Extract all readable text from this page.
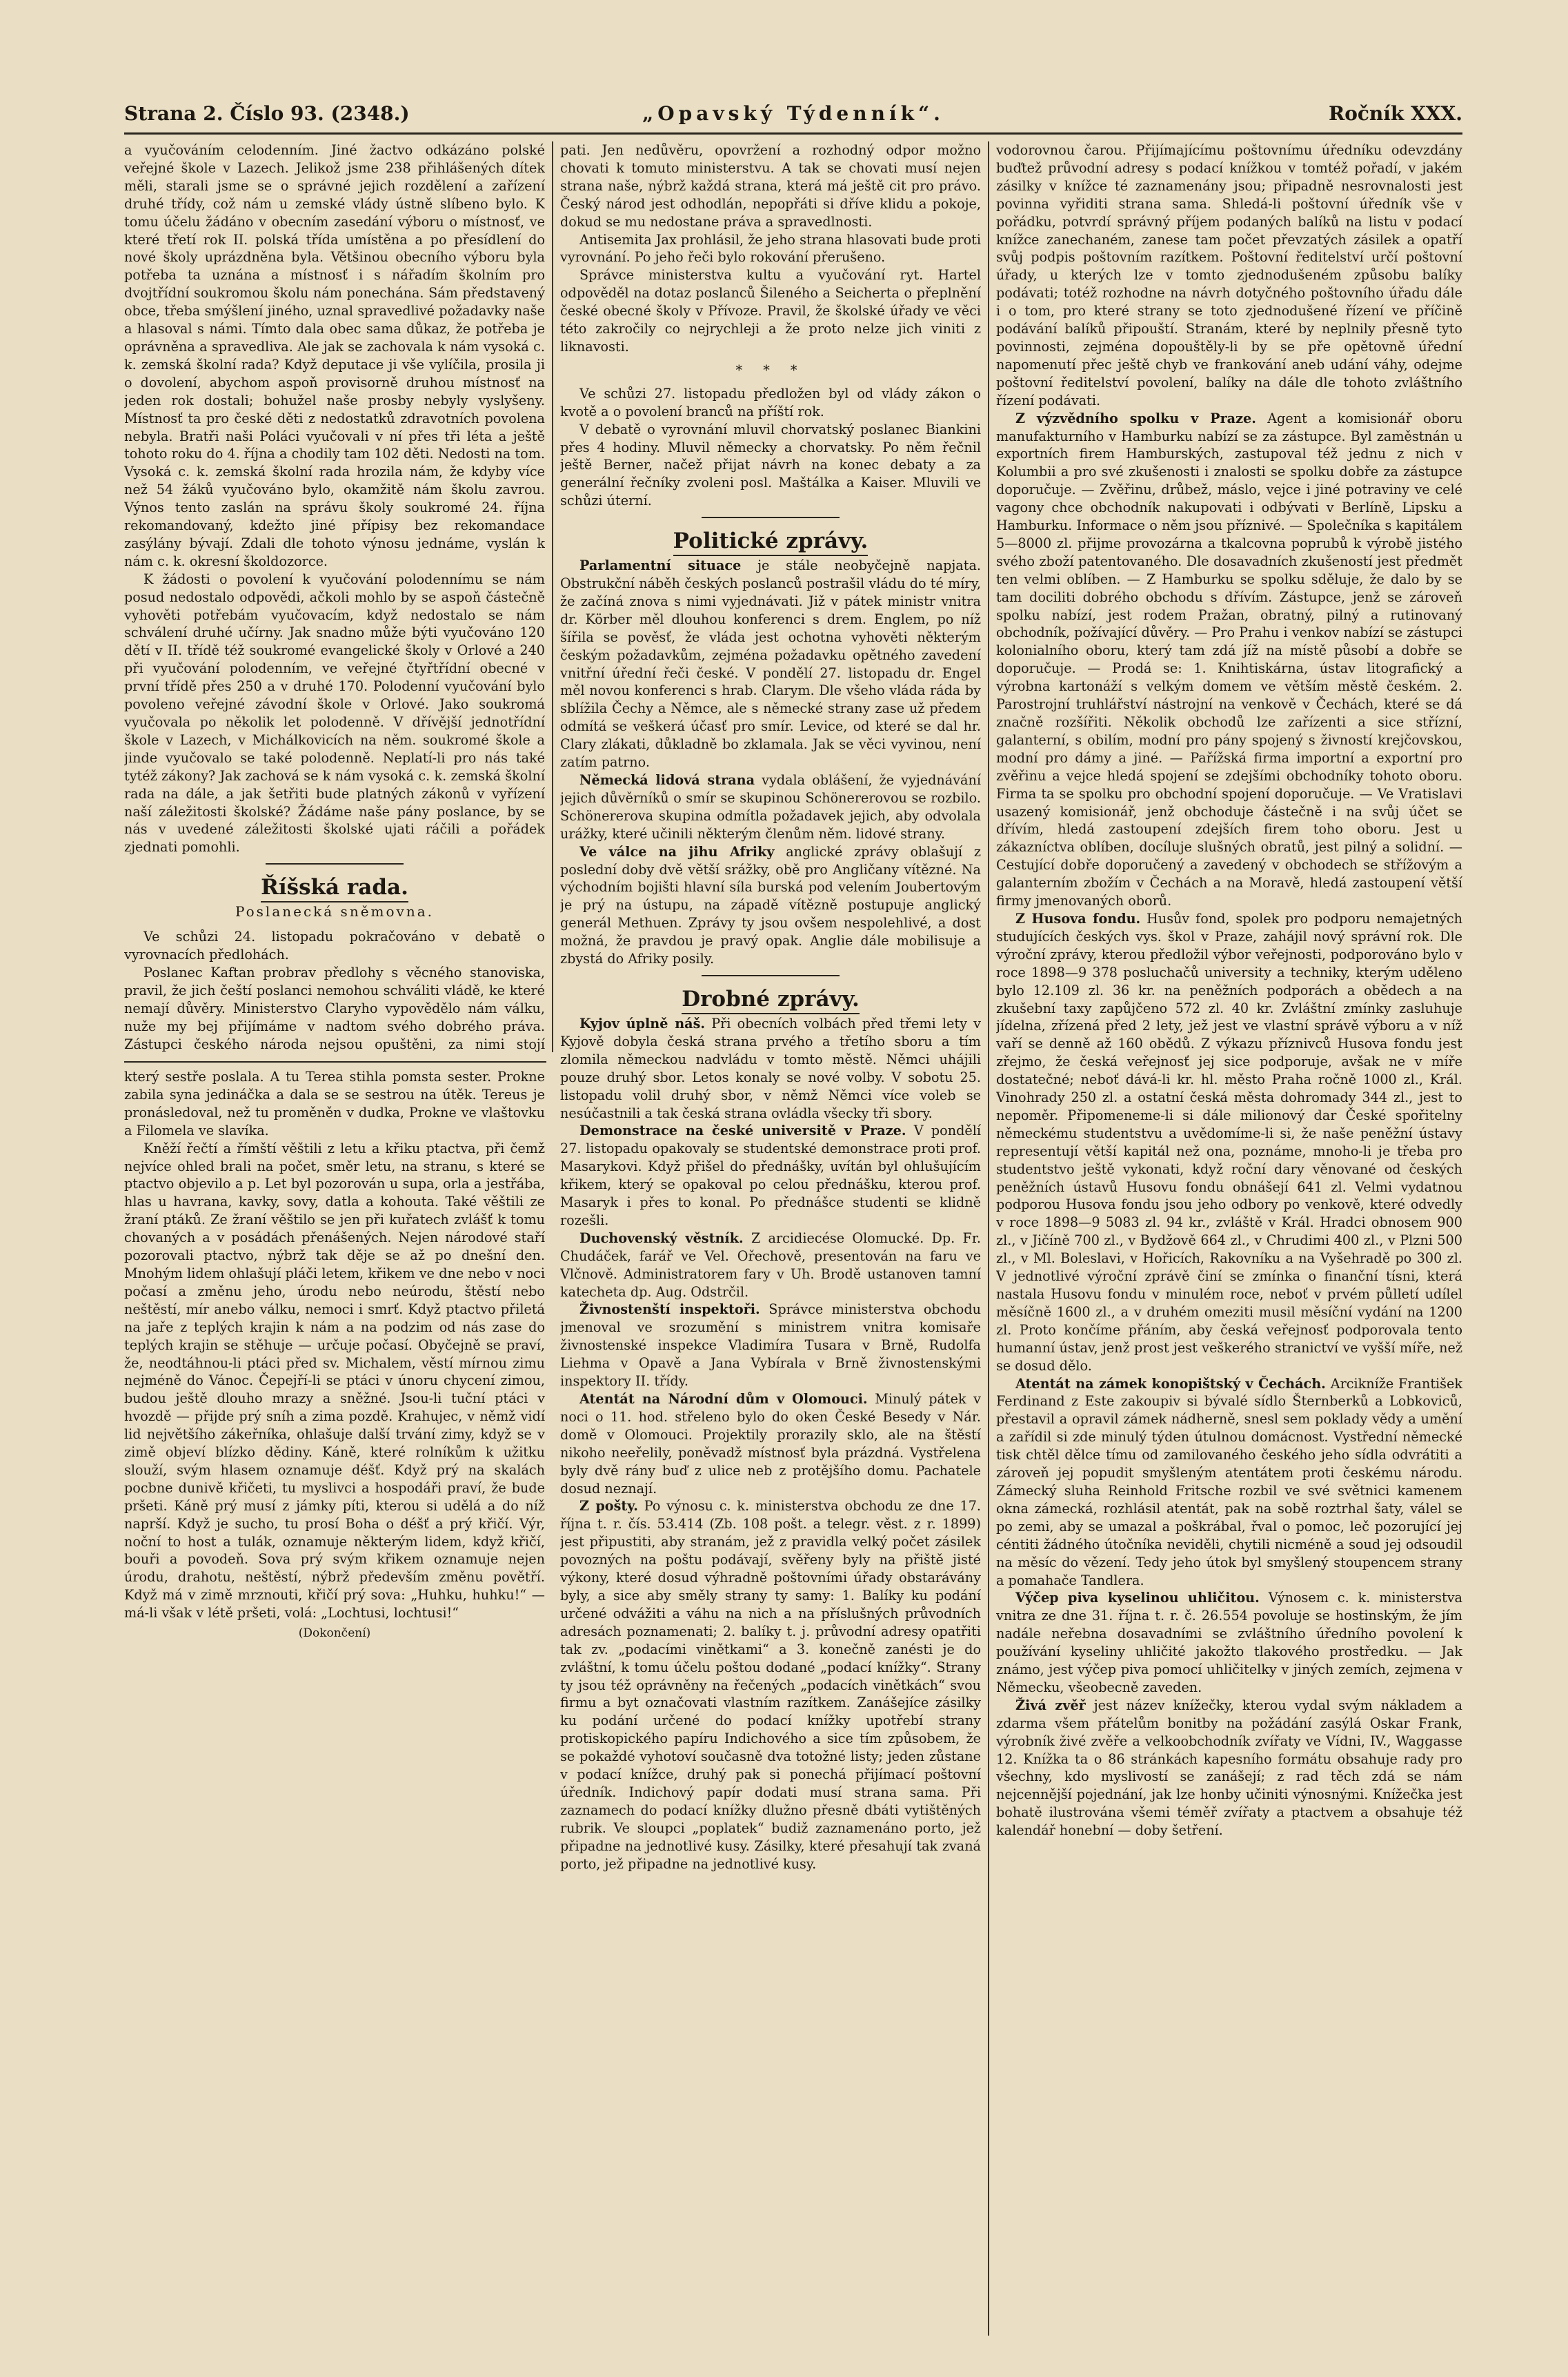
Strana 2. Číslo 93. (2348.)	„Opavský Týdenník“.	Ročník XXX.

a vyučováním celodenním. Jiné žactvo odkázáno polské veřejné škole v Lazech. Jelikož jsme 238 přihlášených dítek měli, starali jsme se o správné jejich rozdělení a zařízení druhé třídy, což nám u zemské vlády ústně slíbeno bylo. K tomu účelu žádáno v obecním zasedání výboru o místnosť, ve které třetí rok II. polská třída umístěna a po přesídlení do nové školy uprázdněna byla. Většinou obecního výboru byla potřeba ta uznána a místnosť i s nářadím školním pro dvojtřídní soukromou školu nám ponechána. Sám představený obce, třeba smýšlení jiného, uznal spravedlivé požadavky naše a hlasoval s námi. Tímto dala obec sama důkaz, že potřeba je oprávněna a spravedliva. Ale jak se zachovala k nám vysoká c. k. zemská školní rada? Když deputace ji vše vylíčila, prosila ji o dovolení, abychom aspoň provisorně druhou místnosť na jeden rok dostali; bohužel naše prosby nebyly vyslyšeny. Místnosť ta pro české děti z nedostatků zdravotních povolena nebyla. Bratři naši Poláci vyučovali v ní přes tři léta a ještě tohoto roku do 4. října a chodily tam 102 děti. Nedosti na tom. Vysoká c. k. zemská školní rada hrozila nám, že kdyby více než 54 žáků vyučováno bylo, okamžitě nám školu zavrou. Výnos tento zaslán na správu školy soukromé 24. října rekomandovaný, kdežto jiné přípisy bez rekomandace zasýlány bývají. Zdali dle tohoto výnosu jednáme, vyslán k nám c. k. okresní školdozorce.

K žádosti o povolení k vyučování polodennímu se nám posud nedostalo odpovědi, ačkoli mohlo by se aspoň částečně vyhověti potřebám vyučovacím, když nedostalo se nám schválení druhé učírny. Jak snadno může býti vyučováno 120 dětí v II. třídě též soukromé evangelické školy v Orlové a 240 při vyučování polodenním, ve veřejné čtyřtřídní obecné v první třídě přes 250 a v druhé 170. Polodenní vyučování bylo povoleno veřejné závodní škole v Orlové. Jako soukromá vyučovala po několik let polodenně. V dřívější jednotřídní škole v Lazech, v Michálkovicích na něm. soukromé škole a jinde vyučovalo se také polodenně. Neplatí-li pro nás také tytéž zákony? Jak zachová se k nám vysoká c. k. zemská školní rada na dále, a jak šetřiti bude platných zákonů v vyřízení naší záležitosti školské? Žádáme naše pány poslance, by se nás v uvedené záležitosti školské ujati ráčili a pořádek zjednati pomohli.

Říšská rada.
Poslanecká sněmovna.

Ve schůzi 24. listopadu pokračováno v debatě o vyrovnacích předlohách.

Poslanec Kaftan probrav předlohy s věcného stanoviska, pravil, že jich čeští poslanci nemohou schváliti vládě, ke které nemají důvěry. Ministerstvo Claryho vypovědělo nám válku, nuže my bej přijímáme v nadtom svého dobrého práva. Zástupci českého národa nejsou opuštěni, za nimi stojí

pati. Jen nedůvěru, opovržení a rozhodný odpor možno chovati k tomuto ministerstvu. A tak se chovati musí nejen strana naše, nýbrž každá strana, která má ještě cit pro právo. Český národ jest odhodlán, nepopřáti si dříve klidu a pokoje, dokud se mu nedostane práva a spravedlnosti.

Antisemita Jax prohlásil, že jeho strana hlasovati bude proti vyrovnání. Po jeho řeči bylo rokování přerušeno.

Správce ministerstva kultu a vyučování ryt. Hartel odpověděl na dotaz poslanců Šileného a Seicherta o přeplnění české obecné školy v Přívoze. Pravil, že školské úřady ve věci této zakročily co nejrychleji a že proto nelze jich viniti z liknavosti.

* * *

Ve schůzi 27. listopadu předložen byl od vlády zákon o kvotě a o povolení branců na příští rok.

V debatě o vyrovnání mluvil chorvatský poslanec Biankini přes 4 hodiny. Mluvil německy a chorvatsky. Po něm řečnil ještě Berner, načež přijat návrh na konec debaty a za generální řečníky zvoleni posl. Maštálka a Kaiser. Mluvili ve schůzi úterní.

Politické zprávy.

Parlamentní situace je stále neobyčejně napjata. Obstrukční náběh českých poslanců postrašil vládu do té míry, že začíná znova s nimi vyjednávati. Již v pátek ministr vnitra dr. Körber měl dlouhou konferenci s drem. Englem, po níž šířila se pověsť, že vláda jest ochotna vyhověti některým českým požadavkům, zejména požadavku opětného zavedení vnitřní úřední řeči české. V pondělí 27. listopadu dr. Engel měl novou konferenci s hrab. Clarym. Dle všeho vláda ráda by sblížila Čechy a Němce, ale s německé strany zase už předem odmítá se veškerá účasť pro smír. Levice, od které se dal hr. Clary zlákati, důkladně bo zklamala. Jak se věci vyvinou, není zatím patrno.

Německá lidová strana vydala oblášení, že vyjednávání jejich důvěrníků o smír se skupinou Schönererovou se rozbilo. Schönererova skupina odmítla požadavek jejich, aby odvolala urážky, které učinili některým členům něm. lidové strany.

Ve válce na jihu Afriky anglické zprávy oblašují z poslední doby dvě větší srážky, obě pro Angličany vítězné. Na východním bojišti hlavní síla burská pod velením Joubertovým je prý na ústupu, na západě vítězně postupuje anglický generál Methuen. Zprávy ty jsou ovšem nespolehlivé, a dost možná, že pravdou je pravý opak. Anglie dále mobilisuje a zbystá do Afriky posily.

Drobné zprávy.

Kyjov úplně náš. Při obecních volbách před třemi lety v Kyjově dobyla česká strana prvého a třetího sboru a tím zlomila německou nadvládu v tomto městě. Němci uhájili pouze druhý sbor. Letos konaly se nové volby. V sobotu 25. listopadu volil druhý sbor, v němž Němci více voleb se nesúčastnili a tak česká strana ovládla všecky tři sbory.

Demonstrace na české universitě v Praze. V pondělí 27. listopadu opakovaly se studentské demonstrace proti prof. Masarykovi. Když přišel do přednášky, uvítán byl ohlušujícím křikem, který se opakoval po celou přednášku, kterou prof. Masaryk i přes to konal. Po přednášce studenti se klidně rozešli.

Duchovenský věstník. Z arcidiecése Olomucké. Dp. Fr. Chudáček, farář ve Vel. Ořechově, presentován na faru ve Vlčnově. Administratorem fary v Uh. Brodě ustanoven tamní katecheta dp. Aug. Odstrčil.

Živnostenští inspektoři. Správce ministerstva obchodu jmenoval ve srozumění s ministrem vnitra komisaře živnostenské inspekce Vladimíra Tusara v Brně, Rudolfa Liehma v Opavě a Jana Vybírala v Brně živnostenskými inspektory II. třídy.

Atentát na Národní dům v Olomouci. Minulý pátek v noci o 11. hod. střeleno bylo do oken České Besedy v Nár. domě v Olomouci. Projektily prorazily sklo, ale na štěstí nikoho neeřelily, poněvadž místnosť byla prázdná. Vystřelena byly dvě rány buď z ulice neb z protějšího domu. Pachatele dosud neznají.

Z pošty. Po výnosu c. k. ministerstva obchodu ze dne 17. října t. r. čís. 53.414 (Zb. 108 pošt. a telegr. věst. z r. 1899) jest připustiti, aby stranám, jež z pravidla velký počet zásilek povozných na poštu podávají, svěřeny byly na přiště jisté výkony, které dosud výhradně poštovními úřady obstarávány byly, a sice aby směly strany ty samy: 1. Balíky ku podání určené odvážiti a váhu na nich a na příslušných průvodních adresách poznamenati; 2. balíky t. j. průvodní adresy opatřiti tak zv. „podacími vinětkami“ a 3. konečně zanésti je do zvláštní, k tomu účelu poštou dodané „podací knížky“. Strany ty jsou též oprávněny na řečených „podacích vinětkách“ svou firmu a byt označovati vlastním razítkem. Zanášejíce zásilky ku podání určené do podací knížky upotřebí strany protiskopického papíru Indichového a sice tím způsobem, že se pokaždé vyhotoví současně dva totožné listy; jeden zůstane v podací knížce, druhý pak si ponechá přijímací poštovní úředník. Indichový papír dodati musí strana sama. Při zaznamech do podací knížky dlužno přesně dbáti vytištěných rubrik. Ve sloupci „poplatek“ budiž zaznamenáno porto, jež připadne na jednotlivé kusy. Zásilky, které přesahují tak zvaná porto, jež připadne na jednotlivé kusy.

vodorovnou čarou. Přijímajícímu poštovnímu úředníku odevzdány buďtež průvodní adresy s podací knížkou v tomtéž pořadí, v jakém zásilky v knížce té zaznamenány jsou; připadně nesrovnalosti jest povinna vyřiditi strana sama. Shledá-li poštovní úředník vše v pořádku, potvrdí správný příjem podaných balíků na listu v podací knížce zanechaném, zanese tam počet převzatých zásilek a opatří svůj podpis poštovním razítkem. Poštovní ředitelství určí poštovní úřady, u kterých lze v tomto zjednodušeném způsobu balíky podávati; totéž rozhodne na návrh dotyčného poštovního úřadu dále i o tom, pro které strany se toto zjednodušené řízení ve příčině podávání balíků připouští. Stranám, které by neplnily přesně tyto povinnosti, zejména dopouštěly-li by se pře opětovně úřední napomenutí přec ještě chyb ve frankování aneb udání váhy, odejme poštovní ředitelství povolení, balíky na dále dle tohoto zvláštního řízení podávati.

Z výzvědního spolku v Praze. Agent a komisionář oboru manufakturního v Hamburku nabízí se za zástupce. Byl zaměstnán u exportních firem Hamburských, zastupoval též jednu z nich v Kolumbii a pro své zkušenosti i znalosti se spolku dobře za zástupce doporučuje. — Zvěřinu, drůbež, máslo, vejce i jiné potraviny ve celé vagony chce obchodník nakupovati i odbývati v Berlíně, Lipsku a Hamburku. Informace o něm jsou příznivé. — Společníka s kapitálem 5—8000 zl. přijme provozárna a tkalcovna poprubů k výrobě jistého svého zboží patentovaného. Dle dosavadních zkušeností jest předmět ten velmi oblíben. — Z Hamburku se spolku sděluje, že dalo by se tam dociliti dobrého obchodu s dřívím. Zástupce, jenž se zároveň spolku nabízí, jest rodem Pražan, obratný, pilný a rutinovaný obchodník, požívající důvěry. — Pro Prahu i venkov nabízí se zástupci kolonialního oboru, který tam zdá jíž na místě působí a dobře se doporučuje. — Prodá se: 1. Knihtiskárna, ústav litografický a výrobna kartonáží s velkým domem ve větším městě českém. 2. Parostrojní truhlářství nástrojní na venkově v Čechách, které se dá značně rozšířiti. Několik obchodů lze zařízenti a sice střízní, galanterní, s obilím, modní pro pány spojený s živností krejčovskou, modní pro dámy a jiné. — Pařížská firma importní a exportní pro zvěřinu a vejce hledá spojení se zdejšími obchodníky tohoto oboru. Firma ta se spolku pro obchodní spojení doporučuje. — Ve Vratislavi usazený komisionář, jenž obchoduje částečně i na svůj účet se dřívím, hledá zastoupení zdejších firem toho oboru. Jest u zákazníctva oblíben, docíluje slušných obratů, jest pilný a solidní. — Cestující dobře doporučený a zavedený v obchodech se střížovým a galanterním zbožím v Čechách a na Moravě, hledá zastoupení větší firmy jmenovaných oborů.

Z Husova fondu. Husův fond, spolek pro podporu nemajetných studujících českých vys. škol v Praze, zahájil nový správní rok. Dle výroční zprávy, kterou předložil výbor veřejnosti, podporováno bylo v roce 1898—9 378 posluchačů university a techniky, kterým uděleno bylo 12.109 zl. 36 kr. na peněžních podporách a obědech a na zkušební taxy zapůjčeno 572 zl. 40 kr. Zvláštní zmínky zasluhuje jídelna, zřízená před 2 lety, jež jest ve vlastní správě výboru a v níž vaří se denně až 160 obědů. Z výkazu příznivců Husova fondu jest zřejmo, že česká veřejnosť jej sice podporuje, avšak ne v míře dostatečné; neboť dává-li kr. hl. město Praha ročně 1000 zl., Král. Vinohrady 250 zl. a ostatní česká města dohromady 344 zl., jest to nepoměr. Připomeneme-li si dále milionový dar České spořitelny německému studentstvu a uvědomíme-li si, že naše peněžní ústavy representují větší kapitál než ona, poznáme, mnoho-li je třeba pro studentstvo ještě vykonati, když roční dary věnované od českých peněžních ústavů Husovu fondu obnášejí 641 zl. Velmi vydatnou podporou Husova fondu jsou jeho odbory po venkově, které odvedly v roce 1898—9 5083 zl. 94 kr., zvláště v Král. Hradci obnosem 900 zl., v Jičíně 700 zl., v Bydžově 664 zl., v Chrudimi 400 zl., v Plzni 500 zl., v Ml. Boleslavi, v Hořicích, Rakovníku a na Vyšehradě po 300 zl. V jednotlivé výroční zprávě činí se zmínka o finanční tísni, která nastala Husovu fondu v minulém roce, neboť v prvém půlletí udílel měsíčně 1600 zl., a v druhém omeziti musil měsíční vydání na 1200 zl. Proto končíme přáním, aby česká veřejnosť podporovala tento humanní ústav, jenž prost jest veškerého stranictví ve vyšší míře, než se dosud dělo.

Atentát na zámek konopištský v Čechách. Arcikníže František Ferdinand z Este zakoupiv si bývalé sídlo Šternberků a Lobkoviců, přestavil a opravil zámek nádherně, snesl sem poklady vědy a umění a zařídil si zde minulý týden útulnou domácnost. Vystřední německé tisk chtěl dělce tímu od zamilovaného českého jeho sídla odvrátiti a zároveň jej popudit smyšleným atentátem proti českému národu. Zámecký sluha Reinhold Fritsche rozbil ve své světnici kamenem okna zámecká, rozhlásil atentát, pak na sobě roztrhal šaty, válel se po zemi, aby se umazal a poškrábal, řval o pomoc, leč pozorující jej céntiti žádného útočníka neviděli, chytili nicméně a soud jej odsoudil na měsíc do vězení. Tedy jeho útok byl smyšlený stoupencem strany a pomahače Tandlera.

Výčep piva kyselinou uhličitou. Výnosem c. k. ministerstva vnitra ze dne 31. října t. r. č. 26.554 povoluje se hostinským, že jím nadále neřebna dosavadními se zvláštního úředního povolení k používání kyseliny uhličité jakožto tlakového prostředku. — Jak známo, jest výčep piva pomocí uhličitelky v jiných zemích, zejmena v Německu, všeobecně zaveden.

Živá zvěř jest název knížečky, kterou vydal svým nákladem a zdarma všem přátelům bonitby na požádání zasýlá Oskar Frank, výrobník živé zvěře a velkoobchodník zvířaty ve Vídni, IV., Waggasse 12. Knížka ta o 86 stránkách kapesního formátu obsahuje rady pro všechny, kdo myslivostí se zanášejí; z rad těch zdá se nám nejcennější pojednání, jak lze honby učiniti výnosnými. Knížečka jest bohatě ilustrována všemi téměř zvířaty a ptactvem a obsahuje též kalendář honební — doby šetření.

který sestře poslala. A tu Terea stihla pomsta sester. Prokne zabila syna jedináčka a dala se se sestrou na útěk. Tereus je pronásledoval, než tu proměněn v dudka, Prokne ve vlaštovku a Filomela ve slavíka.

Kněží řečtí a římští věštili z letu a křiku ptactva, při čemž nejvíce ohled brali na počet, směr letu, na stranu, s které se ptactvo objevilo a p. Let byl pozorován u supa, orla a jestřába, hlas u havrana, kavky, sovy, datla a kohouta. Také věštili ze žraní ptáků. Ze žraní věštilo se jen při kuřatech zvlášť k tomu chovaných a v posádách přenášených. Nejen národové staří pozorovali ptactvo, nýbrž tak děje se až po dnešní den. Mnohým lidem ohlašují pláči letem, křikem ve dne nebo v noci počasí a změnu jeho, úrodu nebo neúrodu, štěstí nebo neštěstí, mír anebo válku, nemoci i smrť. Když ptactvo přiletá na jaře z teplých krajin k nám a na podzim od nás zase do teplých krajin se stěhuje — určuje počasí. Obyčejně se praví, že, neodtáhnou-li ptáci před sv. Michalem, věstí mírnou zimu nejméně do Vánoc. Čepejří-li se ptáci v únoru chycení zimou, budou ještě dlouho mrazy a sněžné. Jsou-li tuční ptáci v hvozdě — přijde prý sníh a zima pozdě. Krahujec, v němž vidí lid největšího zákeřníka, ohlašuje další trvání zimy, když se v zimě objeví blízko dědiny. Káně, které rolníkům k užitku slouží, svým hlasem oznamuje déšť. Když prý na skalách pocbne dunivě křičeti, tu myslivci a hospodáři praví, že bude pršeti. Káně prý musí z jámky píti, kterou si udělá a do níž naprší. Když je sucho, tu prosí Boha o déšť a prý křičí. Výr, noční to host a tulák, oznamuje některým lidem, když křičí, bouři a povodeň. Sova prý svým křikem oznamuje nejen úrodu, drahotu, neštěstí, nýbrž především změnu povětří. Když má v zimě mrznouti, křičí prý sova: „Huhku, huhku!“ — má-li však v létě pršeti, volá: „Lochtusi, lochtusi!“

(Dokončení)
